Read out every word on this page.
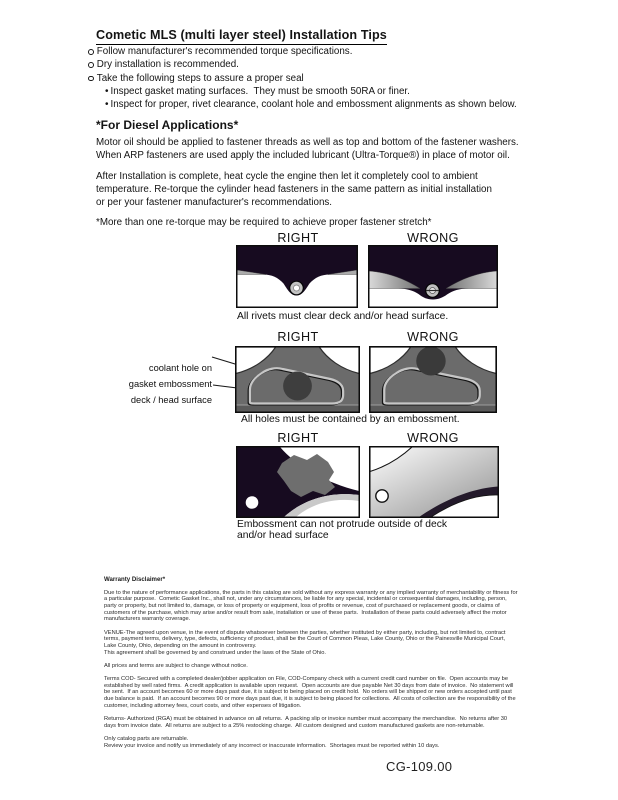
Cometic MLS (multi layer steel) Installation Tips
Follow manufacturer's recommended torque specifications.
Dry installation is recommended.
Take the following steps to assure a proper seal
• Inspect gasket mating surfaces.  They must be smooth 50RA or finer.
• Inspect for proper, rivet clearance, coolant hole and embossment alignments as shown below.
*For Diesel Applications*
Motor oil should be applied to fastener threads as well as top and bottom of the fastener washers.
When ARP fasteners are used apply the included lubricant (Ultra-Torque®) in place of motor oil.
After Installation is complete, heat cycle the engine then let it completely cool to ambient
temperature. Re-torque the cylinder head fasteners in the same pattern as initial installation
or per your fastener manufacturer's recommendations.
*More than one re-torque may be required to achieve proper fastener stretch*
RIGHT	WRONG
All rivets must clear deck and/or head surface.
RIGHT	WRONG

coolant hole on

deck / head surface

gasket embossment
All holes must be contained by an embossment.
RIGHT	WRONG
Embossment can not protrude outside of deck
and/or head surface
Warranty Disclaimer*
Due to the nature of performance applications, the parts in this catalog are sold without any express warranty or any implied warranty of merchantability or fitness for a particular purpose.  Cometic Gasket Inc., shall not, under any circumstances, be liable for any special, incidental or consequential damages, including, person, party or property, but not limited to, damage, or loss of property or equipment, loss of profits or revenue, cost of purchased or replacement goods, or claims of customers of the purchase, which may arise and/or result from sale, installation or use of these parts.  Installation of these parts could adversely affect the motor manufacturers warranty coverage.
VENUE-The agreed upon venue, in the event of dispute whatsoever between the parties, whether instituted by either party, including, but not limited to, contract terms, payment terms, delivery, type, defects, sufficiency of product, shall be the Court of Common Pleas, Lake County, Ohio or the Painesville Municipal Court, Lake County, Ohio, depending on the amount in controversy.
This agreement shall be governed by and construed under the laws of the State of Ohio.
All prices and terms are subject to change without notice.
Terms COD- Secured with a completed dealer/jobber application on File, COD-Company check with a current credit card number on file.  Open accounts may be established by well rated firms.  A credit application is available upon request.  Open accounts are due payable Net 30 days from date of invoice.  No statement will be sent.  If an account becomes 60 or more days past due, it is subject to being placed on credit hold.  No orders will be shipped or new orders accepted until past due balance is paid.  If an account becomes 90 or more days past due, it is subject to being placed for collections.  All costs of collection are the responsibility of the customer, including attorney fees, court costs, and other expenses of litigation.
Returns- Authorized (RGA) must be obtained in advance on all returns.  A packing slip or invoice number must accompany the merchandise.  No returns after 30 days from invoice date.  All returns are subject to a 25% restocking charge.  All custom designed and custom manufactured gaskets are non-returnable.
Only catalog parts are returnable.
Review your invoice and notify us immediately of any incorrect or inaccurate information.  Shortages must be reported within 10 days.
CG-109.00
